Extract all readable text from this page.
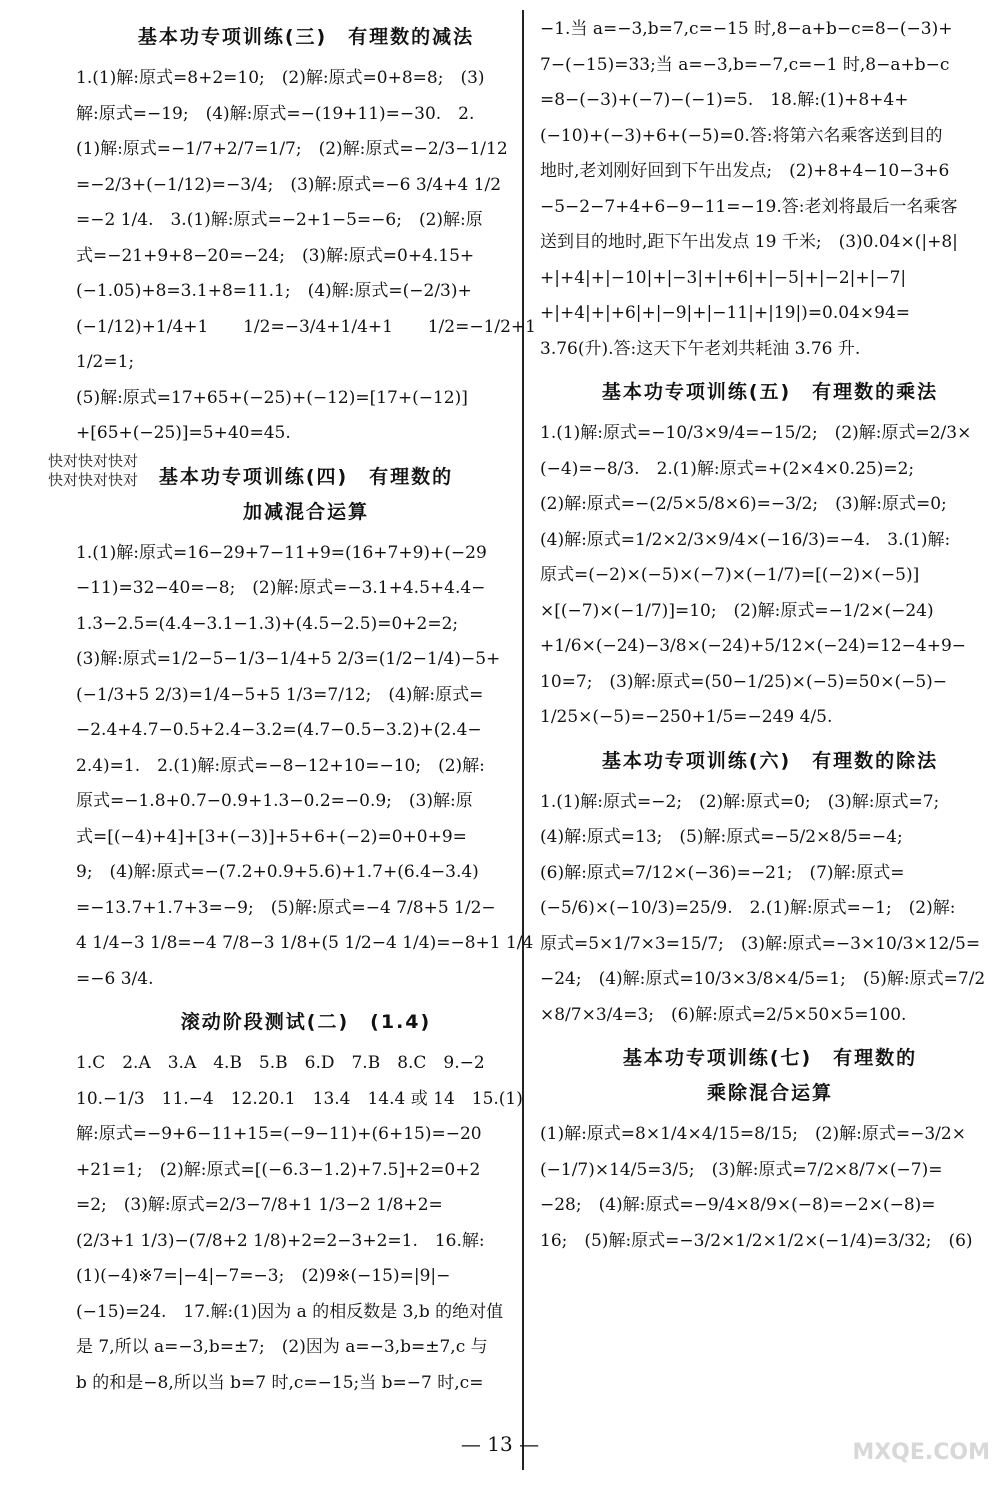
基本功专项训练(三)　有理数的减法

1.(1)解:原式=8+2=10;　(2)解:原式=0+8=8;　(3)

解:原式=−19;　(4)解:原式=−(19+11)=−30.　2.

(1)解:原式=−1/7+2/7=1/7;　(2)解:原式=−2/3−1/12

=−2/3+(−1/12)=−3/4;　(3)解:原式=−6 3/4+4 1/2

=−2 1/4.　3.(1)解:原式=−2+1−5=−6;　(2)解:原

式=−21+9+8−20=−24;　(3)解:原式=0+4.15+

(−1.05)+8=3.1+8=11.1;　(4)解:原式=(−2/3)+

(−1/12)+1/4+1 1/2=−3/4+1/4+1 1/2=−1/2+1 1/2=1;

(5)解:原式=17+65+(−25)+(−12)=[17+(−12)]

+[65+(−25)]=5+40=45.

基本功专项训练(四)　有理数的
加减混合运算

1.(1)解:原式=16−29+7−11+9=(16+7+9)+(−29

−11)=32−40=−8;　(2)解:原式=−3.1+4.5+4.4−

1.3−2.5=(4.4−3.1−1.3)+(4.5−2.5)=0+2=2;

(3)解:原式=1/2−5−1/3−1/4+5 2/3=(1/2−1/4)−5+

(−1/3+5 2/3)=1/4−5+5 1/3=7/12;　(4)解:原式=

−2.4+4.7−0.5+2.4−3.2=(4.7−0.5−3.2)+(2.4−

2.4)=1.　2.(1)解:原式=−8−12+10=−10;　(2)解:

原式=−1.8+0.7−0.9+1.3−0.2=−0.9;　(3)解:原

式=[(−4)+4]+[3+(−3)]+5+6+(−2)=0+0+9=

9;　(4)解:原式=−(7.2+0.9+5.6)+1.7+(6.4−3.4)

=−13.7+1.7+3=−9;　(5)解:原式=−4 7/8+5 1/2−

4 1/4−3 1/8=−4 7/8−3 1/8+(5 1/2−4 1/4)=−8+1 1/4

=−6 3/4.

滚动阶段测试(二)　(1.4)

1.C　2.A　3.A　4.B　5.B　6.D　7.B　8.C　9.−2

10.−1/3　11.−4　12.20.1　13.4　14.4 或 14　15.(1)

解:原式=−9+6−11+15=(−9−11)+(6+15)=−20

+21=1;　(2)解:原式=[(−6.3−1.2)+7.5]+2=0+2

=2;　(3)解:原式=2/3−7/8+1 1/3−2 1/8+2=

(2/3+1 1/3)−(7/8+2 1/8)+2=2−3+2=1.　16.解:

(1)(−4)※7=|−4|−7=−3;　(2)9※(−15)=|9|−

(−15)=24.　17.解:(1)因为 a 的相反数是 3,b 的绝对值

是 7,所以 a=−3,b=±7;　(2)因为 a=−3,b=±7,c 与

b 的和是−8,所以当 b=7 时,c=−15;当 b=−7 时,c=

−1.当 a=−3,b=7,c=−15 时,8−a+b−c=8−(−3)+

7−(−15)=33;当 a=−3,b=−7,c=−1 时,8−a+b−c

=8−(−3)+(−7)−(−1)=5.　18.解:(1)+8+4+

(−10)+(−3)+6+(−5)=0.答:将第六名乘客送到目的

地时,老刘刚好回到下午出发点;　(2)+8+4−10−3+6

−5−2−7+4+6−9−11=−19.答:老刘将最后一名乘客

送到目的地时,距下午出发点 19 千米;　(3)0.04×(|+8|

+|+4|+|−10|+|−3|+|+6|+|−5|+|−2|+|−7|

+|+4|+|+6|+|−9|+|−11|+|19|)=0.04×94=

3.76(升).答:这天下午老刘共耗油 3.76 升.

基本功专项训练(五)　有理数的乘法

1.(1)解:原式=−10/3×9/4=−15/2;　(2)解:原式=2/3×

(−4)=−8/3.　2.(1)解:原式=+(2×4×0.25)=2;

(2)解:原式=−(2/5×5/8×6)=−3/2;　(3)解:原式=0;

(4)解:原式=1/2×2/3×9/4×(−16/3)=−4.　3.(1)解:

原式=(−2)×(−5)×(−7)×(−1/7)=[(−2)×(−5)]

×[(−7)×(−1/7)]=10;　(2)解:原式=−1/2×(−24)

+1/6×(−24)−3/8×(−24)+5/12×(−24)=12−4+9−

10=7;　(3)解:原式=(50−1/25)×(−5)=50×(−5)−

1/25×(−5)=−250+1/5=−249 4/5.

基本功专项训练(六)　有理数的除法

1.(1)解:原式=−2;　(2)解:原式=0;　(3)解:原式=7;

(4)解:原式=13;　(5)解:原式=−5/2×8/5=−4;

(6)解:原式=7/12×(−36)=−21;　(7)解:原式=

(−5/6)×(−10/3)=25/9.　2.(1)解:原式=−1;　(2)解:

原式=5×1/7×3=15/7;　(3)解:原式=−3×10/3×12/5=

−24;　(4)解:原式=10/3×3/8×4/5=1;　(5)解:原式=7/2

×8/7×3/4=3;　(6)解:原式=2/5×50×5=100.

基本功专项训练(七)　有理数的
乘除混合运算

(1)解:原式=8×1/4×4/15=8/15;　(2)解:原式=−3/2×

(−1/7)×14/5=3/5;　(3)解:原式=7/2×8/7×(−7)=

−28;　(4)解:原式=−9/4×8/9×(−8)=−2×(−8)=

16;　(5)解:原式=−3/2×1/2×1/2×(−1/4)=3/32;　(6)

快对快对快对
快对快对快对
— 13 —	MXQE.COM
